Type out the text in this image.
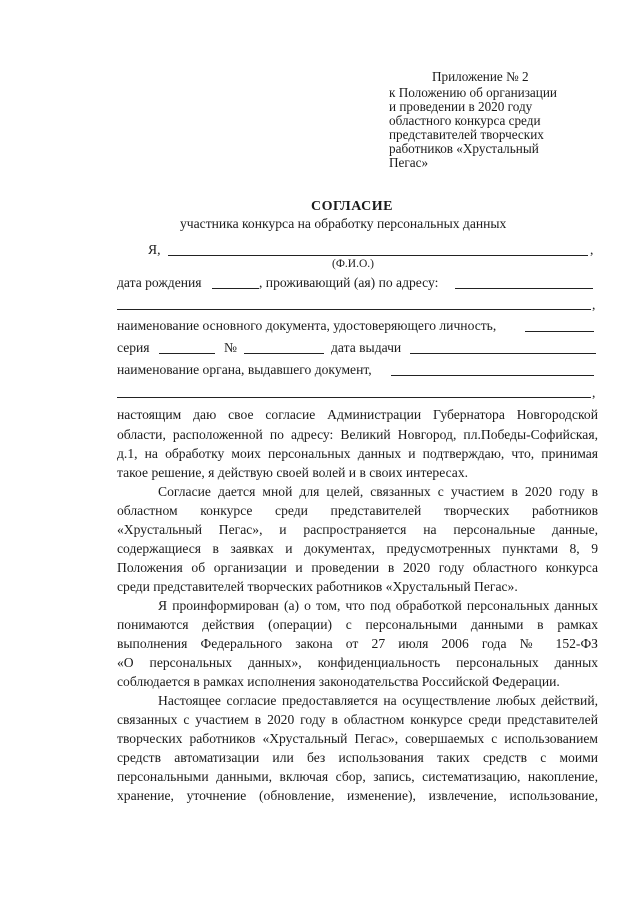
Приложение № 2
к Положению об организации
и проведении в 2020 году
областного конкурса среди
представителей творческих
работников «Хрустальный
Пегас»
СОГЛАСИЕ
участника конкурса на обработку персональных данных
Я,	,
(Ф.И.О.)
дата рождения	, проживающий (ая) по адресу:
,
наименование основного документа, удостоверяющего личность,
серия	№	дата выдачи
наименование органа, выдавшего документ,
,
настоящим даю свое согласие Администрации Губернатора Новгородской
области, расположенной по адресу: Великий Новгород, пл.Победы-Софийская,
д.1, на обработку моих персональных данных и подтверждаю, что, принимая
такое решение, я действую своей волей и в своих интересах.
Согласие дается мной для целей, связанных с участием в 2020 году в
областном конкурсе среди представителей творческих работников
«Хрустальный Пегас», и распространяется на персональные данные,
содержащиеся в заявках и документах, предусмотренных пунктами 8, 9
Положения об организации и проведении в 2020 году областного конкурса
среди представителей творческих работников «Хрустальный Пегас».
Я проинформирован (а) о том, что под обработкой персональных данных
понимаются действия (операции) с персональными данными в рамках
выполнения Федерального закона от 27 июля 2006 года № 152-ФЗ
«О персональных данных», конфиденциальность персональных данных
соблюдается в рамках исполнения законодательства Российской Федерации.
Настоящее согласие предоставляется на осуществление любых действий,
связанных с участием в 2020 году в областном конкурсе среди представителей
творческих работников «Хрустальный Пегас», совершаемых с использованием
средств автоматизации или без использования таких средств с моими
персональными данными, включая сбор, запись, систематизацию, накопление,
хранение, уточнение (обновление, изменение), извлечение, использование,
